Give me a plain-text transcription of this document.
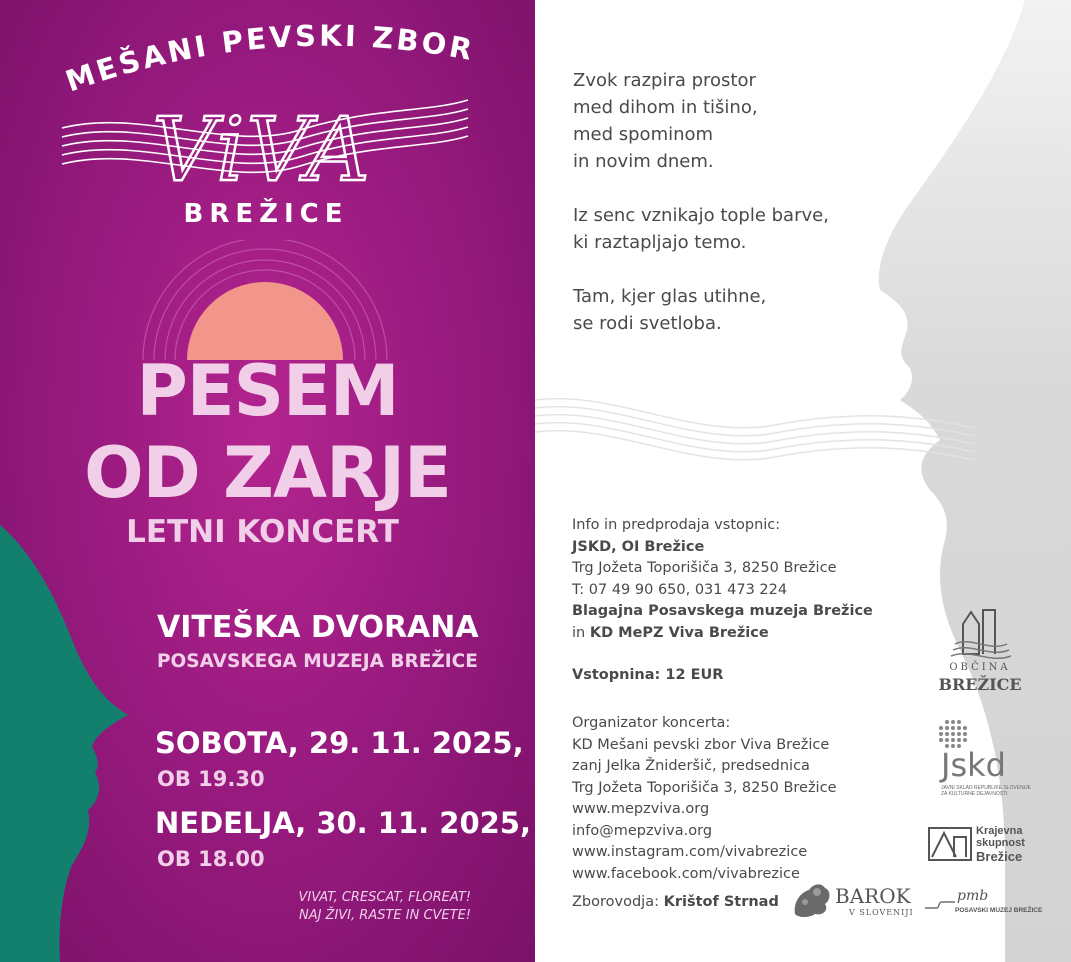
MEŠANI PEVSKI ZBOR
ViVA
BREŽICE
PESEM
OD ZARJE
LETNI KONCERT
VITEŠKA DVORANA
POSAVSKEGA MUZEJA BREŽICE
SOBOTA, 29. 11. 2025,
OB 19.30
NEDELJA, 30. 11. 2025,
OB 18.00
VIVAT, CRESCAT, FLOREAT!
NAJ ŽIVI, RASTE IN CVETE!
Zvok razpira prostor
med dihom in tišino,
med spominom
in novim dnem.
Iz senc vznikajo tople barve,
ki raztapljajo temo.
Tam, kjer glas utihne,
se rodi svetloba.
Info in predprodaja vstopnic:
JSKD, OI Brežice
Trg Jožeta Toporišiča 3, 8250 Brežice
T: 07 49 90 650, 031 473 224
Blagajna Posavskega muzeja Brežice
in KD MePZ Viva Brežice
Vstopnina: 12 EUR
Organizator koncerta:
KD Mešani pevski zbor Viva Brežice
zanj Jelka Žnideršič, predsednica
Trg Jožeta Toporišiča 3, 8250 Brežice
www.mepzviva.org
info@mepzviva.org
www.instagram.com/vivabrezice
www.facebook.com/vivabrezice
Zborovodja: Krištof Strnad
OBČINA
BREŽICE
Jskd
JAVNI SKLAD REPUBLIKE SLOVENIJE
ZA KULTURNE DEJAVNOSTI
Krajevna
skupnost
Brežice
BAROK
V SLOVENIJI
pmb
POSAVSKI MUZEJ BREŽICE
